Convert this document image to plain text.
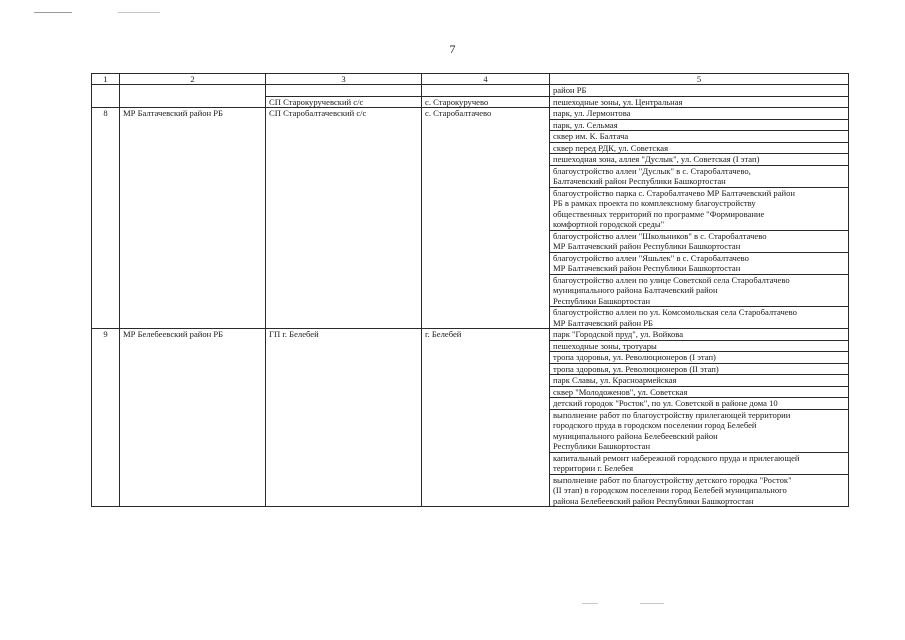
7
1	2	3	4	5
				район РБ
		СП Старокуручевский с/с	с. Старокуручево	пешеходные зоны, ул. Центральная
8	МР Балтачевский район РБ	СП Старобалтачевский с/с	с. Старобалтачево	парк, ул. Лермонтова

				парк, ул. Сельмая

				сквер им. К. Балтача

				сквер перед РДК, ул. Советская

				пешеходная зона, аллея "Дуслык", ул. Советская (I этап)

				благоустройство аллеи "Дуслык" в с. Старобалтачево,
Балтачевский район Республики Башкортостан

				благоустройство парка с. Старобалтачево МР Балтачевский район
РБ в рамках проекта по комплексному благоустройству
общественных территорий по программе "Формирование
комфортной городской среды"

				благоустройство аллеи "Школьников" в с. Старобалтачево
МР Балтачевский район Республики Башкортостан

				благоустройство аллеи "Яшьлек" в с. Старобалтачево
МР Балтачевский район Республики Башкортостан

				благоустройство аллеи по улице Советской села Старобалтачево
муниципального района Балтачевский район
Республики Башкортостан

				благоустройство аллеи по ул. Комсомольская села Старобалтачево
МР Балтачевский район РБ

9	МР Белебеевский район РБ	ГП г. Белебей	г. Белебей	парк "Городской пруд", ул. Войкова

				пешеходные зоны, тротуары

				тропа здоровья, ул. Революционеров (I этап)

				тропа здоровья, ул. Революционеров (II этап)

				парк Славы, ул. Красноармейская

				сквер "Молодоженов", ул. Советская

				детский городок "Росток", по ул. Советской в районе дома 10

				выполнение работ по благоустройству прилегающей территории
городского пруда в городском поселении город Белебей
муниципального района Белебеевский район
Республики Башкортостан

				капитальный ремонт набережной городского пруда и прилегающей
территории г. Белебея

				выполнение работ по благоустройству детского городка "Росток"
(II этап) в городском поселении город Белебей муниципального
района Белебеевский район Республики Башкортостан
